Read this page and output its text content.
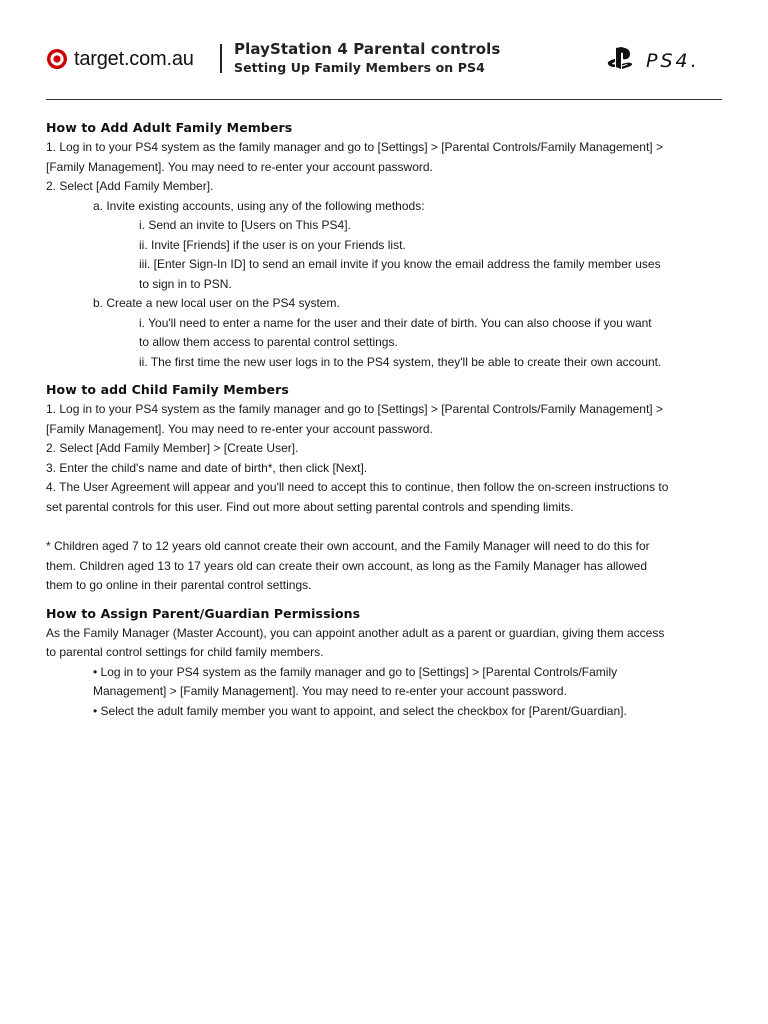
target.com.au	PlayStation 4 Parental controls
Setting Up Family Members on PS4	PS4.
How to Add Adult Family Members

1. Log in to your PS4 system as the family manager and go to [Settings] > [Parental Controls/Family Management] >

[Family Management]. You may need to re-enter your account password.

2. Select [Add Family Member].

a. Invite existing accounts, using any of the following methods:

i. Send an invite to [Users on This PS4].

ii. Invite [Friends] if the user is on your Friends list.

iii. [Enter Sign-In ID] to send an email invite if you know the email address the family member uses

to sign in to PSN.

b. Create a new local user on the PS4 system.

i. You'll need to enter a name for the user and their date of birth. You can also choose if you want

to allow them access to parental control settings.

ii. The first time the new user logs in to the PS4 system, they'll be able to create their own account.

How to add Child Family Members

1. Log in to your PS4 system as the family manager and go to [Settings] > [Parental Controls/Family Management] >

[Family Management]. You may need to re-enter your account password.

2. Select [Add Family Member] > [Create User].

3. Enter the child's name and date of birth*, then click [Next].

4. The User Agreement will appear and you'll need to accept this to continue, then follow the on-screen instructions to

set parental controls for this user. Find out more about setting parental controls and spending limits.

* Children aged 7 to 12 years old cannot create their own account, and the Family Manager will need to do this for

them. Children aged 13 to 17 years old can create their own account, as long as the Family Manager has allowed

them to go online in their parental control settings.

How to Assign Parent/Guardian Permissions

As the Family Manager (Master Account), you can appoint another adult as a parent or guardian, giving them access

to parental control settings for child family members.

• Log in to your PS4 system as the family manager and go to [Settings] > [Parental Controls/Family

Management] > [Family Management]. You may need to re-enter your account password.

• Select the adult family member you want to appoint, and select the checkbox for [Parent/Guardian].
